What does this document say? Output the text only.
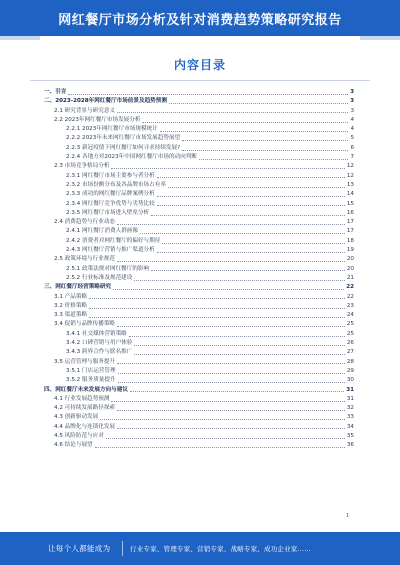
网红餐厅市场分析及针对消费趋势策略研究报告
内容目录
一、引言	3
二、2023-2028年网红餐厅市场前景及趋势预测	3
2.1 研究背景与研究意义	3
2.2 2023年网红餐厅市场发展分析	4
2.2.1 2023年网红餐厅市场规模统计	4
2.2.2 2023年未来网红餐厅市场发展趋势展望	5
2.2.3 新冠疫情下网红餐厅如何寻求持续发展?	6
2.2.4 各地方对2023年中国网红餐厅市场的动向判断	7
2.3 市场竞争格局分析	12
2.3.1 网红餐厅市场主要参与者分析	12
2.3.2 市场份额分布及各品牌市场占有率	13
2.3.3 成功的网红餐厅品牌案例分析	14
2.3.4 网红餐厅竞争优势与劣势比较	15
2.3.5 网红餐厅市场进入壁垒分析	16
2.4 消费趋势与行业动态	17
2.4.1 网红餐厅消费人群画像	17
2.4.2 消费者对网红餐厅的偏好与期待	18
2.4.3 网红餐厅营销与推广渠道分析	19
2.5 政策环境与行业规范	20
2.5.1 政策法规对网红餐厅的影响	20
2.5.2 行业标准及规范建设	21
三、网红餐厅经营策略研究	22
3.1 产品策略	22
3.2 价格策略	23
3.3 渠道策略	24
3.4 促销与品牌传播策略	25
3.4.1 社交媒体营销策略	25
3.4.2 口碑营销与用户体验	26
3.4.3 跨界合作与联名推广	27
3.5 运营管理与服务提升	28
3.5.1 门店运营管理	29
3.5.2 服务质量提升	30
四、网红餐厅未来发展方向与建议	31
4.1 行业发展趋势预测	31
4.2 可持续发展路径探索	32
4.3 创新驱动发展	33
4.4 品牌化与连锁化发展	34
4.5 风险防范与应对	35
4.6 结论与展望	36
1
让每个人都能成为	行业专家、管理专家、营销专家、战略专家、成功企业家……
